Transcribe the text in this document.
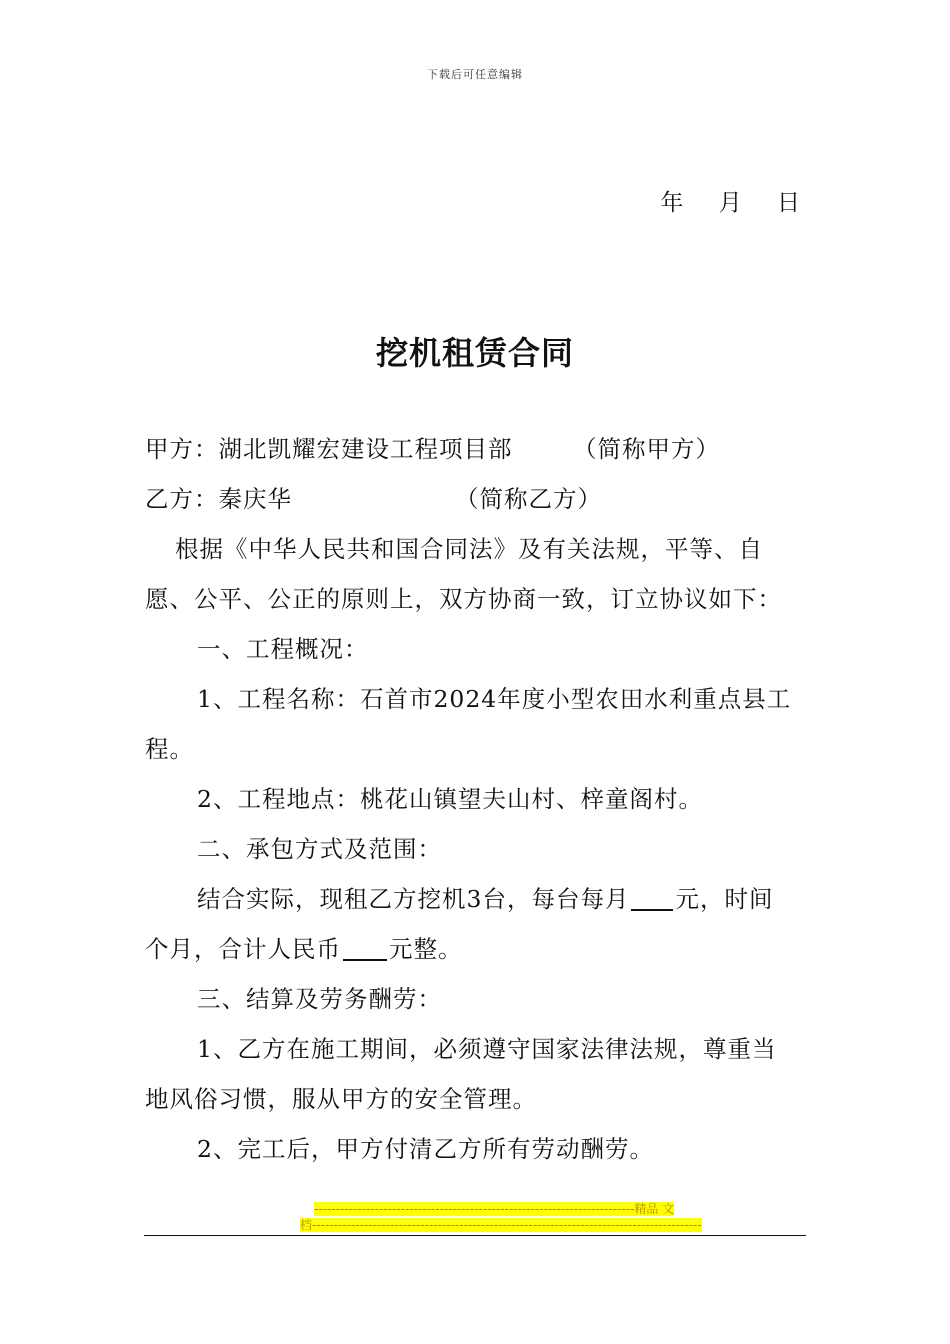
下载后可任意编辑
年 月 日
挖机租赁合同
甲方：湖北凯耀宏建设工程项目部	（简称甲方）
乙方：秦庆华	（简称乙方）
根据《中华人民共和国合同法》及有关法规，平等、自
愿、公平、公正的原则上，双方协商一致，订立协议如下：
一、工程概况：
1、工程名称：石首市2024年度小型农田水利重点县工
程。
2、工程地点：桃花山镇望夫山村、梓童阁村。
二、承包方式及范围：
结合实际，现租乙方挖机3台，每台每月 元，时间
个月，合计人民币 元整。
三、结算及劳务酬劳：
1、乙方在施工期间，必须遵守国家法律法规，尊重当
地风俗习惯，服从甲方的安全管理。
2、完工后，甲方付清乙方所有劳动酬劳。
--------------------------------------------------------------------------精品 文
档------------------------------------------------------------------------------------------
